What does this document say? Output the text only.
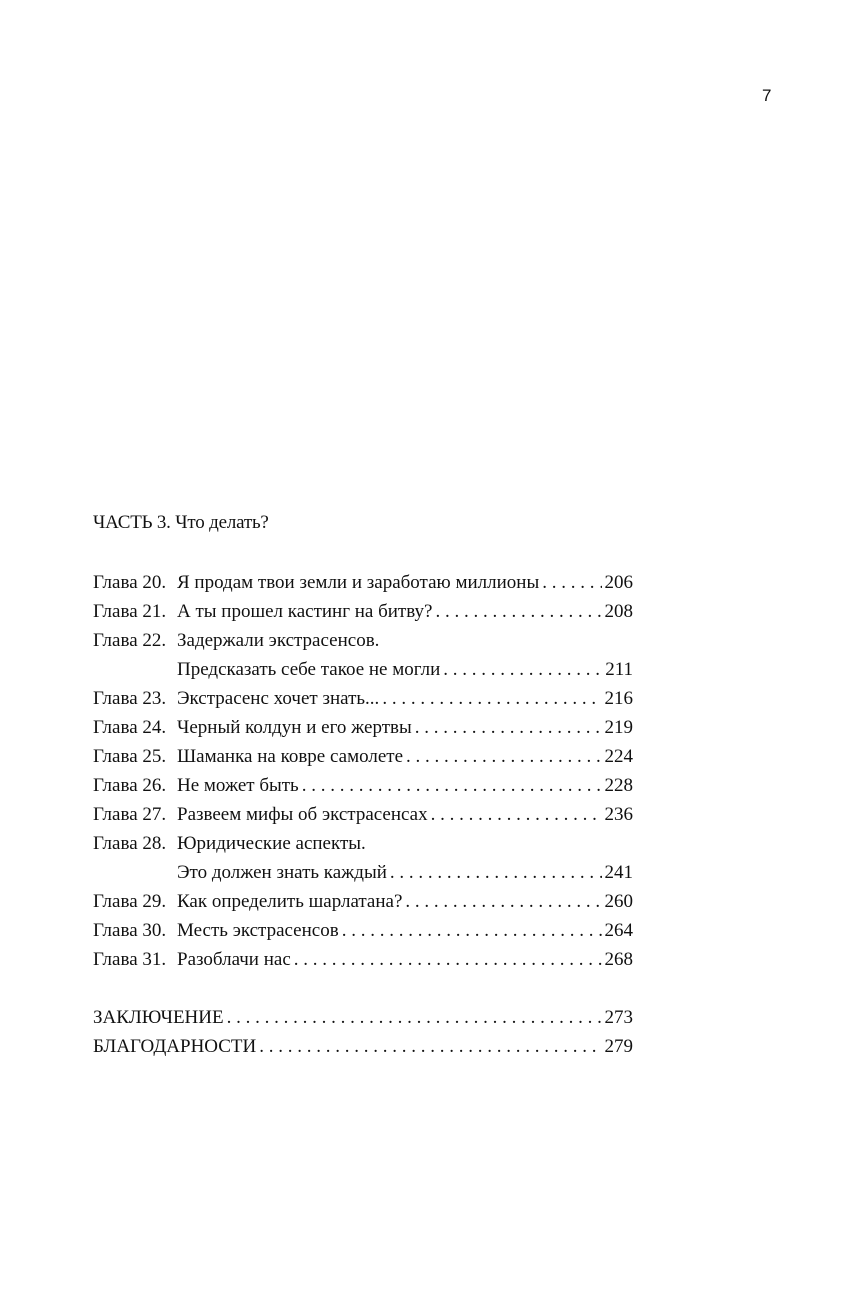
7
ЧАСТЬ 3. Что делать?
Глава 20. Я продам твои земли и заработаю миллионы . . .	206
Глава 21. А ты прошел кастинг на битву? . . .	208
Глава 22. Задержали экстрасенсов.
Предсказать себе такое не могли . . .	211
Глава 23. Экстрасенс хочет знать... . . .	216
Глава 24. Черный колдун и его жертвы . . .	219
Глава 25. Шаманка на ковре самолете . . .	224
Глава 26. Не может быть . . .	228
Глава 27. Развеем мифы об экстрасенсах . . .	236
Глава 28. Юридические аспекты.
Это должен знать каждый . . .	241
Глава 29. Как определить шарлатана? . . .	260
Глава 30. Месть экстрасенсов . . .	264
Глава 31. Разоблачи нас . . .	268
ЗАКЛЮЧЕНИЕ . . .	273
БЛАГОДАРНОСТИ . . .	279
